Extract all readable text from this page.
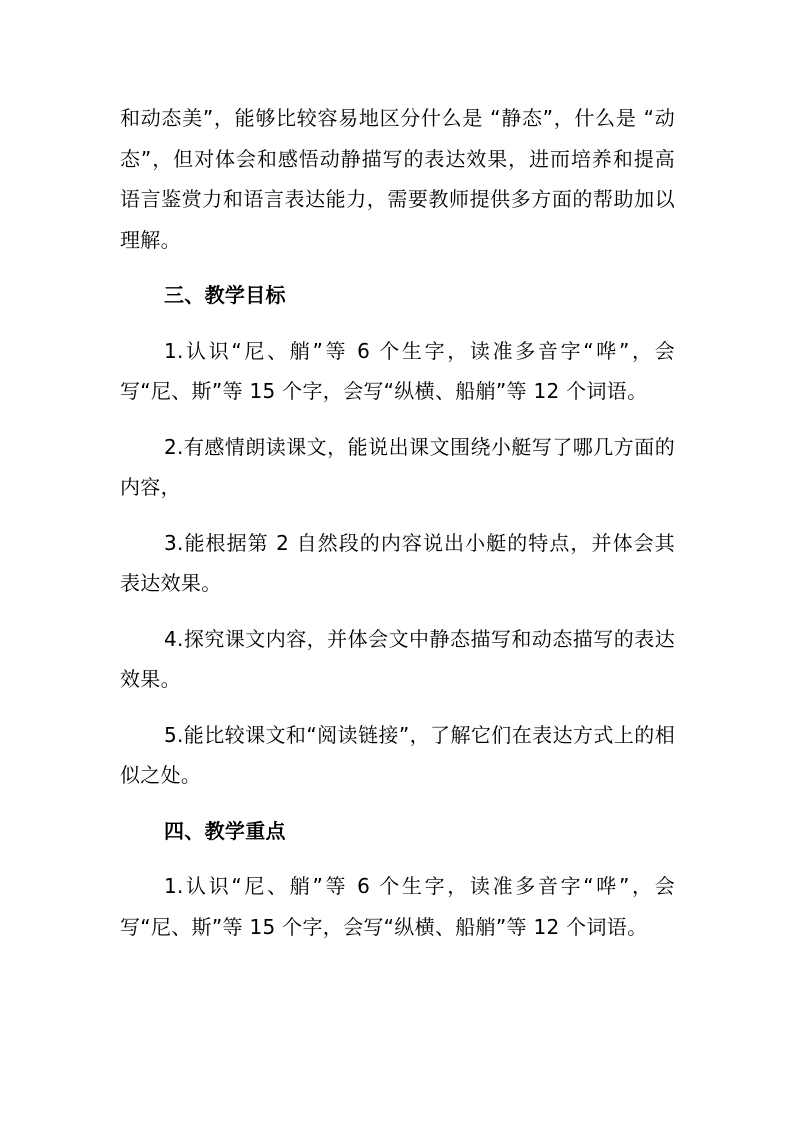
和动态美”，能够比较容易地区分什么是 “静态”，什么是 “动态”，但对体会和感悟动静描写的表达效果，进而培养和提高语言鉴赏力和语言表达能力，需要教师提供多方面的帮助加以理解。

三、教学目标

1.认识“尼、艄”等 6 个生字，读准多音字“哗”，会写“尼、斯”等 15 个字，会写“纵横、船艄”等 12 个词语。

2.有感情朗读课文，能说出课文围绕小艇写了哪几方面的内容，

3.能根据第 2 自然段的内容说出小艇的特点，并体会其表达效果。

4.探究课文内容，并体会文中静态描写和动态描写的表达效果。

5.能比较课文和“阅读链接”，了解它们在表达方式上的相似之处。

四、教学重点

1.认识“尼、艄”等 6 个生字，读准多音字“哗”，会写“尼、斯”等 15 个字，会写“纵横、船艄”等 12 个词语。
